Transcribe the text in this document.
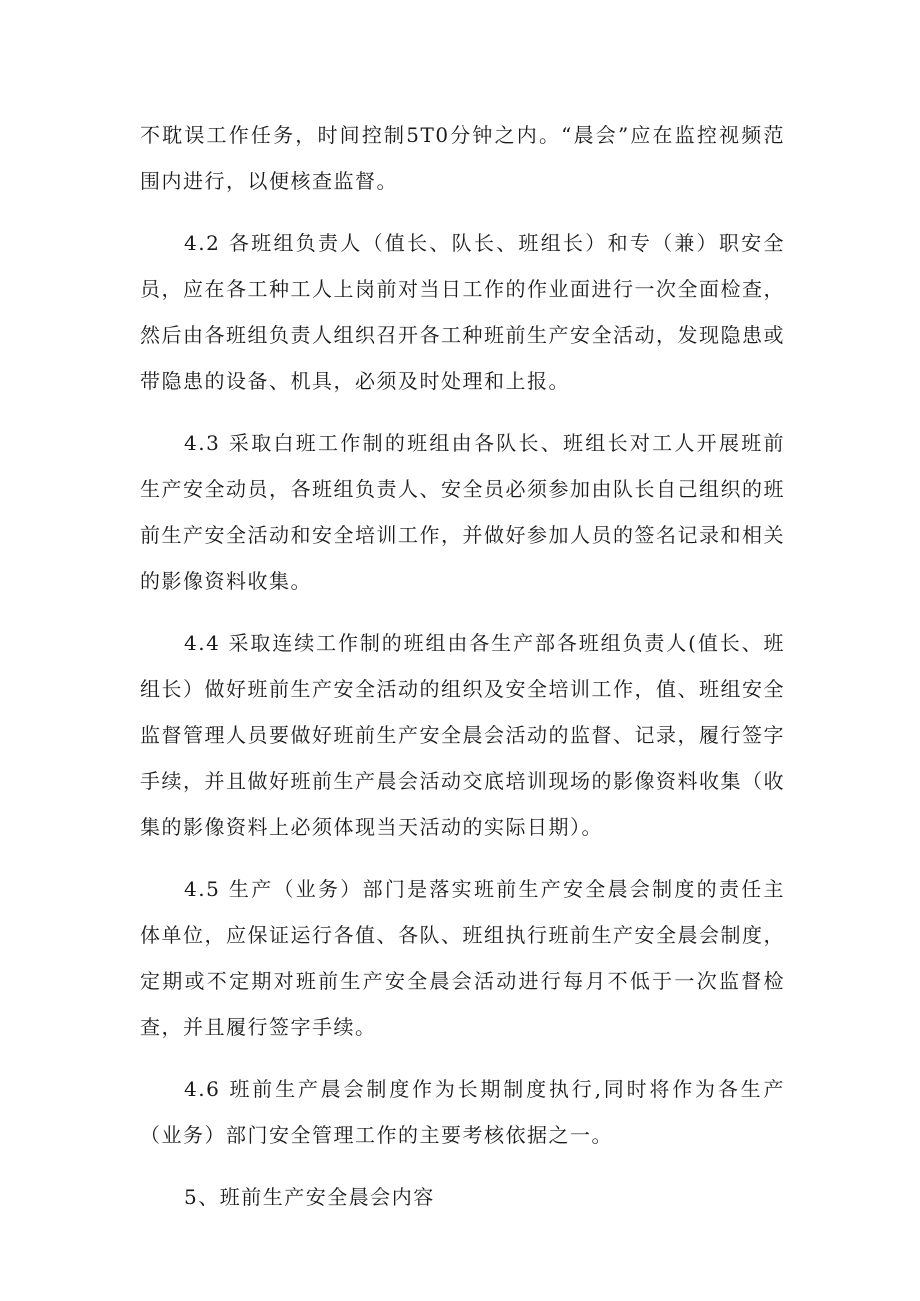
不耽误工作任务，时间控制5T0分钟之内。“晨会”应在监控视频范围内进行，以便核查监督。

4.2 各班组负责人（值长、队长、班组长）和专（兼）职安全员，应在各工种工人上岗前对当日工作的作业面进行一次全面检查，然后由各班组负责人组织召开各工种班前生产安全活动，发现隐患或带隐患的设备、机具，必须及时处理和上报。

4.3 采取白班工作制的班组由各队长、班组长对工人开展班前生产安全动员，各班组负责人、安全员必须参加由队长自己组织的班前生产安全活动和安全培训工作，并做好参加人员的签名记录和相关的影像资料收集。

4.4 采取连续工作制的班组由各生产部各班组负责人(值长、班组长）做好班前生产安全活动的组织及安全培训工作，值、班组安全监督管理人员要做好班前生产安全晨会活动的监督、记录，履行签字手续，并且做好班前生产晨会活动交底培训现场的影像资料收集（收集的影像资料上必须体现当天活动的实际日期）。

4.5 生产（业务）部门是落实班前生产安全晨会制度的责任主体单位，应保证运行各值、各队、班组执行班前生产安全晨会制度，定期或不定期对班前生产安全晨会活动进行每月不低于一次监督检查，并且履行签字手续。

4.6 班前生产晨会制度作为长期制度执行,同时将作为各生产（业务）部门安全管理工作的主要考核依据之一。

5、班前生产安全晨会内容
